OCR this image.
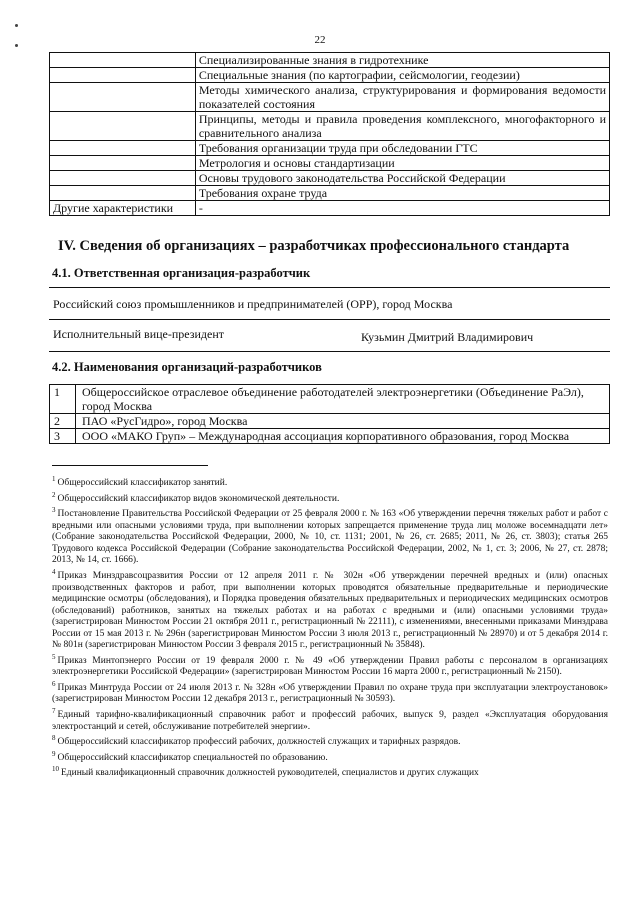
22
	Специализированные знания в гидротехнике
	Специальные знания (по картографии, сейсмологии, геодезии)
	Методы химического анализа, структурирования и формирования ведомости показателей состояния
	Принципы, методы и правила проведения комплексного, многофакторного и сравнительного анализа
	Требования организации труда при обследовании ГТС
	Метрология и основы стандартизации
	Основы трудового законодательства Российской Федерации
	Требования охране труда
Другие характеристики	-
IV. Сведения об организациях – разработчиках профессионального стандарта
4.1. Ответственная организация-разработчик
Российский союз промышленников и предпринимателей (ОРР), город Москва
Исполнительный вице-президент	Кузьмин Дмитрий Владимирович
4.2. Наименования организаций-разработчиков
1	Общероссийское отраслевое объединение работодателей электроэнергетики (Объединение РаЭл), город Москва
2	ПАО «РусГидро», город Москва
3	ООО «МАКО Груп» – Международная ассоциация корпоративного образования, город Москва

$^1$ Общероссийский классификатор занятий.

$^2$ Общероссийский классификатор видов экономической деятельности.

$^3$ Постановление Правительства Российской Федерации от 25 февраля 2000 г. № 163 «Об утверждении перечня тяжелых работ и работ с вредными или опасными условиями труда, при выполнении которых запрещается применение труда лиц моложе восемнадцати лет» (Собрание законодательства Российской Федерации, 2000, № 10, ст. 1131; 2001, № 26, ст. 2685; 2011, № 26, ст. 3803); статья 265 Трудового кодекса Российской Федерации (Собрание законодательства Российской Федерации, 2002, № 1, ст. 3; 2006, № 27, ст. 2878; 2013, № 14, ст. 1666).

$^4$ Приказ Минздравсоцразвития России от 12 апреля 2011 г. № 302н «Об утверждении перечней вредных и (или) опасных производственных факторов и работ, при выполнении которых проводятся обязательные предварительные и периодические медицинские осмотры (обследования), и Порядка проведения обязательных предварительных и периодических медицинских осмотров (обследований) работников, занятых на тяжелых работах и на работах с вредными и (или) опасными условиями труда» (зарегистрирован Минюстом России 21 октября 2011 г., регистрационный № 22111), с изменениями, внесенными приказами Минздрава России от 15 мая 2013 г. № 296н (зарегистрирован Минюстом России 3 июля 2013 г., регистрационный № 28970) и от 5 декабря 2014 г. № 801н (зарегистрирован Минюстом России 3 февраля 2015 г., регистрационный № 35848).

$^5$ Приказ Минтопэнерго России от 19 февраля 2000 г. № 49 «Об утверждении Правил работы с персоналом в организациях электроэнергетики Российской Федерации» (зарегистрирован Минюстом России 16 марта 2000 г., регистрационный № 2150).

$^6$ Приказ Минтруда России от 24 июля 2013 г. № 328н «Об утверждении Правил по охране труда при эксплуатации электроустановок» (зарегистрирован Минюстом России 12 декабря 2013 г., регистрационный № 30593).

$^7$ Единый тарифно-квалификационный справочник работ и профессий рабочих, выпуск 9, раздел «Эксплуатация оборудования электростанций и сетей, обслуживание потребителей энергии».

$^8$ Общероссийский классификатор профессий рабочих, должностей служащих и тарифных разрядов.

$^9$ Общероссийский классификатор специальностей по образованию.

$^{10}$ Единый квалификационный справочник должностей руководителей, специалистов и других служащих
